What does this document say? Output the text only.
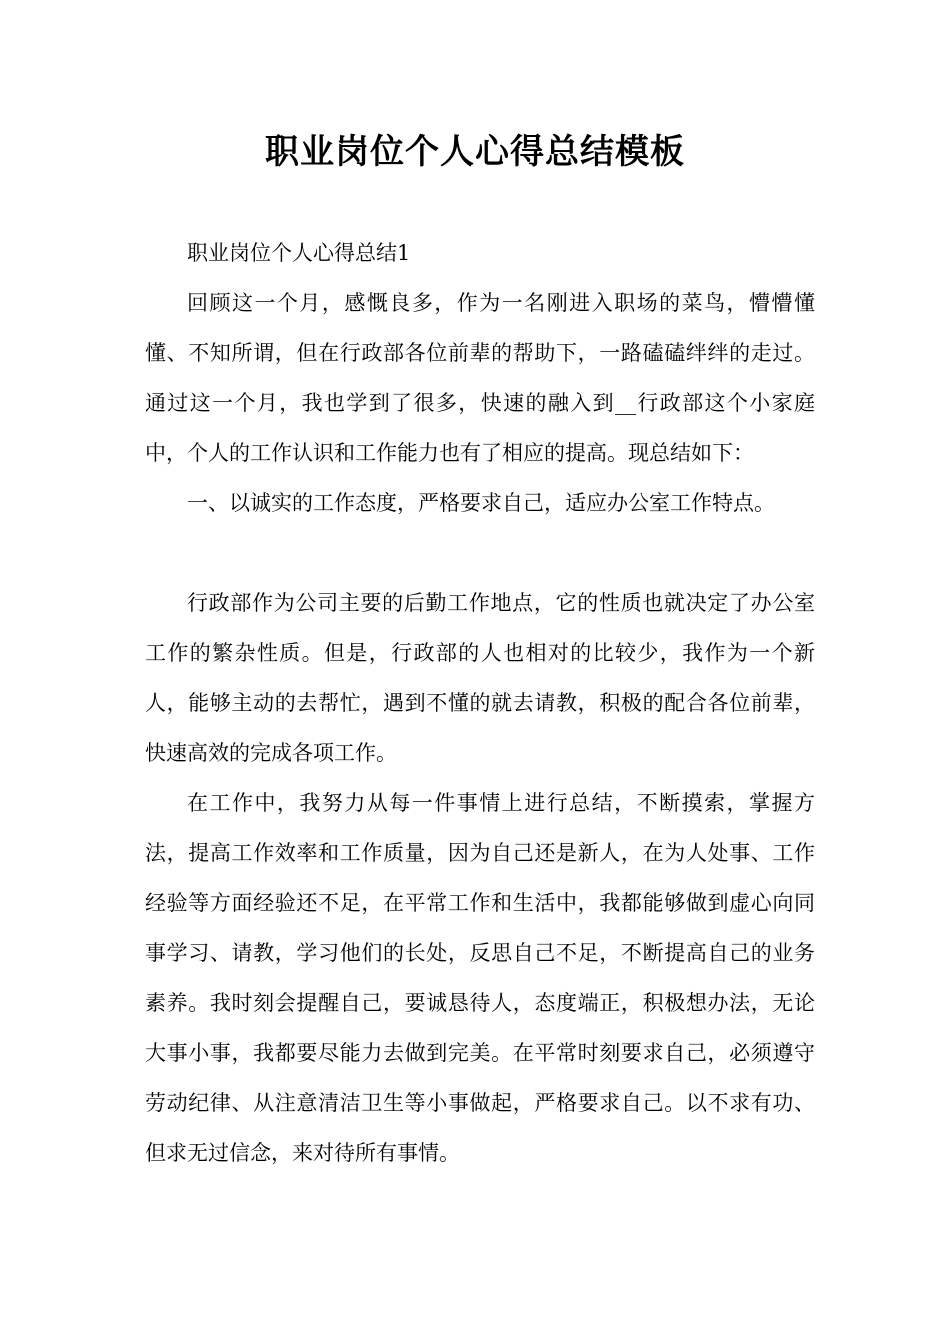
职业岗位个人心得总结模板

职业岗位个人心得总结1

回顾这一个月，感慨良多，作为一名刚进入职场的菜鸟，懵懵懂懂、不知所谓，但在行政部各位前辈的帮助下，一路磕磕绊绊的走过。通过这一个月，我也学到了很多，快速的融入到__行政部这个小家庭中，个人的工作认识和工作能力也有了相应的提高。现总结如下：

一、以诚实的工作态度，严格要求自己，适应办公室工作特点。

行政部作为公司主要的后勤工作地点，它的性质也就决定了办公室工作的繁杂性质。但是，行政部的人也相对的比较少，我作为一个新人，能够主动的去帮忙，遇到不懂的就去请教，积极的配合各位前辈，快速高效的完成各项工作。

在工作中，我努力从每一件事情上进行总结，不断摸索，掌握方法，提高工作效率和工作质量，因为自己还是新人，在为人处事、工作经验等方面经验还不足，在平常工作和生活中，我都能够做到虚心向同事学习、请教，学习他们的长处，反思自己不足，不断提高自己的业务素养。我时刻会提醒自己，要诚恳待人，态度端正，积极想办法，无论大事小事，我都要尽能力去做到完美。在平常时刻要求自己，必须遵守劳动纪律、从注意清洁卫生等小事做起，严格要求自己。以不求有功、但求无过信念，来对待所有事情。
